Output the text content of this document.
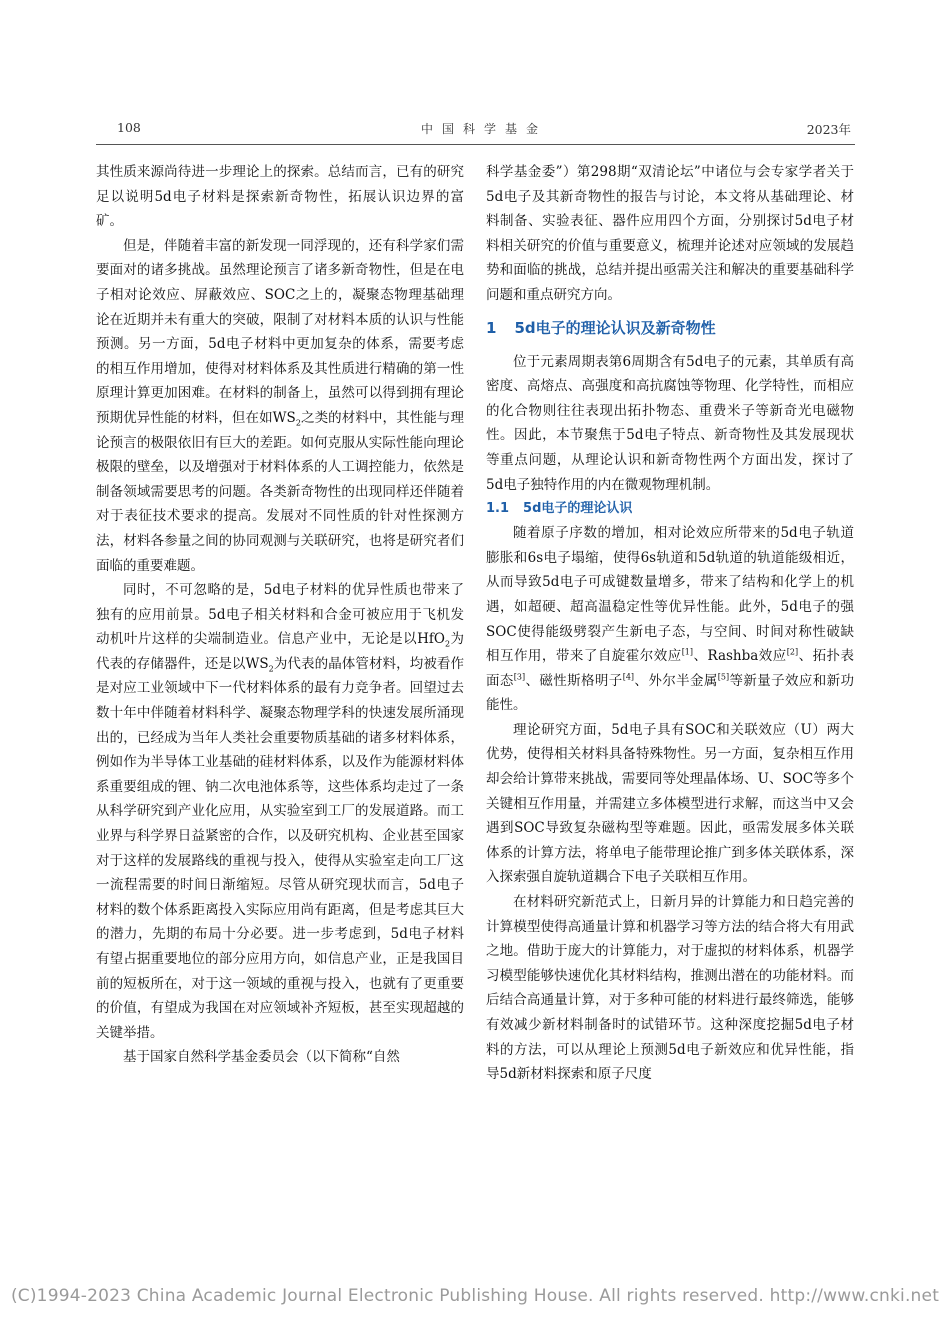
108	中国科学基金	2023年

其性质来源尚待进一步理论上的探索。总结而言，已有的研究足以说明5d电子材料是探索新奇物性，拓展认识边界的富矿。

但是，伴随着丰富的新发现一同浮现的，还有科学家们需要面对的诸多挑战。虽然理论预言了诸多新奇物性，但是在电子相对论效应、屏蔽效应、SOC之上的，凝聚态物理基础理论在近期并未有重大的突破，限制了对材料本质的认识与性能预测。另一方面，5d电子材料中更加复杂的体系，需要考虑的相互作用增加，使得对材料体系及其性质进行精确的第一性原理计算更加困难。在材料的制备上，虽然可以得到拥有理论预期优异性能的材料，但在如$WS_2$之类的材料中，其性能与理论预言的极限依旧有巨大的差距。如何克服从实际性能向理论极限的壁垒，以及增强对于材料体系的人工调控能力，依然是制备领域需要思考的问题。各类新奇物性的出现同样还伴随着对于表征技术要求的提高。发展对不同性质的针对性探测方法，材料各参量之间的协同观测与关联研究，也将是研究者们面临的重要难题。

同时，不可忽略的是，5d电子材料的优异性质也带来了独有的应用前景。5d电子相关材料和合金可被应用于飞机发动机叶片这样的尖端制造业。信息产业中，无论是以HfO$_2$为代表的存储器件，还是以$WS_2$为代表的晶体管材料，均被看作是对应工业领域中下一代材料体系的最有力竞争者。回望过去数十年中伴随着材料科学、凝聚态物理学科的快速发展所涌现出的，已经成为当年人类社会重要物质基础的诸多材料体系，例如作为半导体工业基础的硅材料体系，以及作为能源材料体系重要组成的锂、钠二次电池体系等，这些体系均走过了一条从科学研究到产业化应用，从实验室到工厂的发展道路。而工业界与科学界日益紧密的合作，以及研究机构、企业甚至国家对于这样的发展路线的重视与投入，使得从实验室走向工厂这一流程需要的时间日渐缩短。尽管从研究现状而言，5d电子材料的数个体系距离投入实际应用尚有距离，但是考虑其巨大的潜力，先期的布局十分必要。进一步考虑到，5d电子材料有望占据重要地位的部分应用方向，如信息产业，正是我国目前的短板所在，对于这一领域的重视与投入，也就有了更重要的价值，有望成为我国在对应领域补齐短板，甚至实现超越的关键举措。

基于国家自然科学基金委员会（以下简称“自然

科学基金委”）第298期“双清论坛”中诸位与会专家学者关于5d电子及其新奇物性的报告与讨论，本文将从基础理论、材料制备、实验表征、器件应用四个方面，分别探讨5d电子材料相关研究的价值与重要意义，梳理并论述对应领域的发展趋势和面临的挑战，总结并提出亟需关注和解决的重要基础科学问题和重点研究方向。

1 5d电子的理论认识及新奇物性

位于元素周期表第6周期含有5d电子的元素，其单质有高密度、高熔点、高强度和高抗腐蚀等物理、化学特性，而相应的化合物则往往表现出拓扑物态、重费米子等新奇光电磁物性。因此，本节聚焦于5d电子特点、新奇物性及其发展现状等重点问题，从理论认识和新奇物性两个方面出发，探讨了5d电子独特作用的内在微观物理机制。

1.1 5d电子的理论认识

随着原子序数的增加，相对论效应所带来的5d电子轨道膨胀和6s电子塌缩，使得6s轨道和5d轨道的轨道能级相近，从而导致5d电子可成键数量增多，带来了结构和化学上的机遇，如超硬、超高温稳定性等优异性能。此外，5d电子的强SOC使得能级劈裂产生新电子态，与空间、时间对称性破缺相互作用，带来了自旋霍尔效应[1]、Rashba效应[2]、拓扑表面态[3]、磁性斯格明子[4]、外尔半金属[5]等新量子效应和新功能性。

理论研究方面，5d电子具有SOC和关联效应（U）两大优势，使得相关材料具备特殊物性。另一方面，复杂相互作用却会给计算带来挑战，需要同等处理晶体场、U、SOC等多个关键相互作用量，并需建立多体模型进行求解，而这当中又会遇到SOC导致复杂磁构型等难题。因此，亟需发展多体关联体系的计算方法，将单电子能带理论推广到多体关联体系，深入探索强自旋轨道耦合下电子关联相互作用。

在材料研究新范式上，日新月异的计算能力和日趋完善的计算模型使得高通量计算和机器学习等方法的结合将大有用武之地。借助于庞大的计算能力，对于虚拟的材料体系，机器学习模型能够快速优化其材料结构，推测出潜在的功能材料。而后结合高通量计算，对于多种可能的材料进行最终筛选，能够有效减少新材料制备时的试错环节。这种深度挖掘5d电子材料的方法，可以从理论上预测5d电子新效应和优异性能，指导5d新材料探索和原子尺度

(C)1994-2023 China Academic Journal Electronic Publishing House. All rights reserved. http://www.cnki.net
